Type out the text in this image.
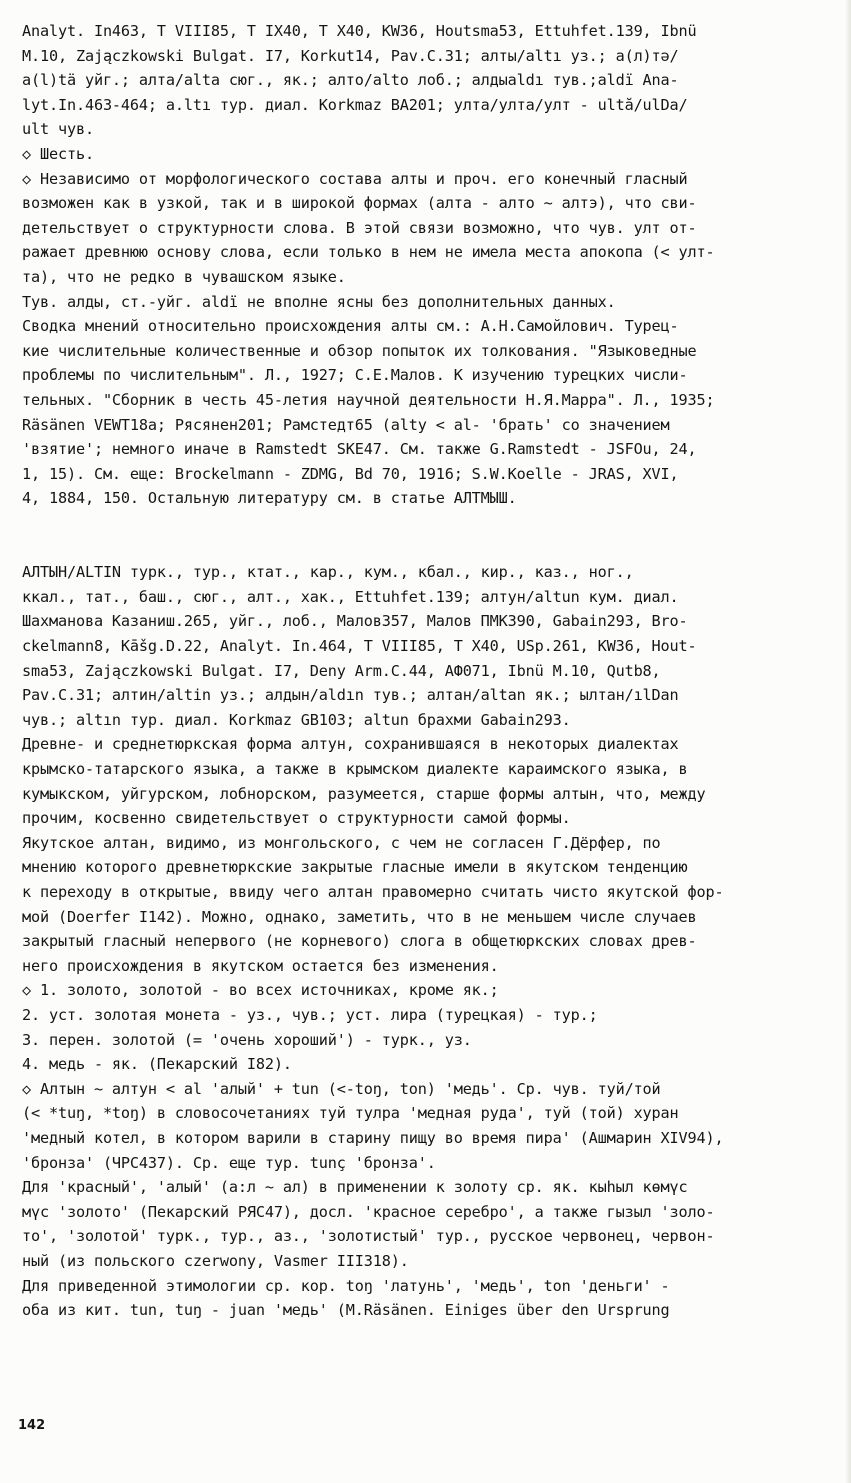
Analyt. In463, T VIII85, T IX40, T X40, KW36, Houtsma53, Ettuhfet.139, Ibnü
M.10, Zajączkowski Bulgat. I7, Korkut14, Pav.C.31; алты/altı уз.; а(л)тә/
а(l)tä уйг.; алта/alta сюг., як.; алто/alto лоб.; алдыaldı тув.;aldï Ana-
lyt.In.463-464; a.ltı тур. диал. Korkmaz BA201; улта/улта/улт - ultă/ulDa/
ult чув.
◇ Шесть.
◇ Независимо от морфологического состава алты и проч. его конечный гласный
возможен как в узкой, так и в широкой формах (алта - алто ~ алтэ), что сви-
детельствует о структурности слова. В этой связи возможно, что чув. улт от-
ражает древнюю основу слова, если только в нем не имела места апокопа (< улт-
та), что не редко в чувашском языке.
Тув. алды, ст.-уйг. aldï не вполне ясны без дополнительных данных.
Сводка мнений относительно происхождения алты см.: А.Н.Самойлович. Турец-
кие числительные количественные и обзор попыток их толкования. "Языковедные
проблемы по числительным". Л., 1927; С.Е.Малов. К изучению турецких числи-
тельных. "Сборник в честь 45-летия научной деятельности Н.Я.Марра". Л., 1935;
Räsänen VEWT18a; Рясянен201; Рамстедт65 (alty < al- 'брать' со значением
'взятие'; немного иначе в Ramstedt SKE47. См. также G.Ramstedt - JSFOu, 24,
1, 15). См. еще: Brockelmann - ZDMG, Bd 70, 1916; S.W.Koelle - JRAS, XVI,
4, 1884, 150. Остальную литературу см. в статье АЛТМЫШ.
АЛТЫН/ALTIN турк., тур., ктат., кар., кум., кбал., кир., каз., ног.,
ккал., тат., баш., сюг., алт., хак., Ettuhfet.139; алтун/altun кум. диал.
Шахманова Казаниш.265, уйг., лоб., Малов357, Малов ПМК390, Gabain293, Bro-
ckelmann8, Kāšg.D.22, Analyt. In.464, T VIII85, T X40, USp.261, KW36, Hout-
sma53, Zajączkowski Bulgat. I7, Deny Arm.C.44, АФ071, Ibnü M.10, Qutb8,
Pav.C.31; алтин/altin уз.; алдын/aldın тув.; алтан/altan як.; ылтан/ılDan
чув.; altın тур. диал. Korkmaz GB103; altun брахми Gabain293.
Древне- и среднетюркская форма алтун, сохранившаяся в некоторых диалектах
крымско-татарского языка, а также в крымском диалекте караимского языка, в
кумыкском, уйгурском, лобнорском, разумеется, старше формы алтын, что, между
прочим, косвенно свидетельствует о структурности самой формы.
Якутское алтан, видимо, из монгольского, с чем не согласен Г.Дёрфер, по
мнению которого древнетюркские закрытые гласные имели в якутском тенденцию
к переходу в открытые, ввиду чего алтан правомерно считать чисто якутской фор-
мой (Doerfer I142). Можно, однако, заметить, что в не меньшем числе случаев
закрытый гласный непервого (не корневого) слога в общетюркских словах древ-
него происхождения в якутском остается без изменения.
◇ 1. золото, золотой - во всех источниках, кроме як.;
2. уст. золотая монета - уз., чув.; уст. лира (турецкая) - тур.;
3. перен. золотой (= 'очень хороший') - турк., уз.
4. медь - як. (Пекарский I82).
◇ Алтын ~ алтун < al 'алый' + tun (<-toŋ, ton) 'медь'. Ср. чув. туй/той
(< *tuŋ, *toŋ) в словосочетаниях туй тулра 'медная руда', туй (той) хуран
'медный котел, в котором варили в старину пищу во время пира' (Ашмарин XIV94),
'бронза' (ЧРС437). Ср. еще тур. tunç 'бронза'.
Для 'красный', 'алый' (а:л ~ ал) в применении к золоту ср. як. кыһыл көмүс
мүс 'золото' (Пекарский РЯС47), досл. 'красное серебро', а также гызыл 'золо-
то', 'золотой' турк., тур., аз., 'золотистый' тур., русское червонец, червон-
ный (из польского czerwony, Vasmer III318).
Для приведенной этимологии ср. кор. toŋ 'латунь', 'медь', ton 'деньги' -
оба из кит. tun, tuŋ - juan 'медь' (M.Räsänen. Einiges über den Ursprung
142
